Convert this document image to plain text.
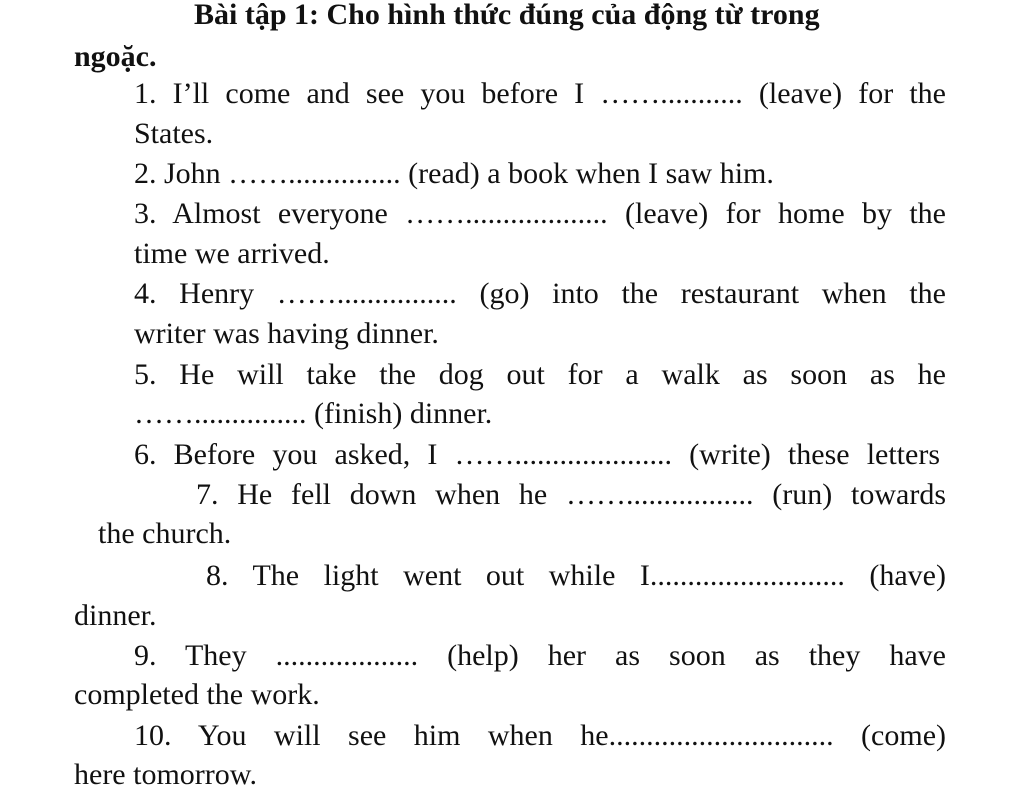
Bài tập 1: Cho hình thức đúng của động từ trong ngoặc.
1. I’ll come and see you before I ……........... (leave) for the
States.
2. John ……............... (read) a book when I saw him.
3. Almost everyone ……................... (leave) for home by the
time we arrived.
4. Henry ……................ (go) into the restaurant when the
writer was having dinner.
5. He will take the dog out for a walk as soon as he
……............... (finish) dinner.
6. Before you asked, I ……..................... (write) these letters
7. He fell down when he ……................. (run) towards
the church.
8. The light went out while I.......................... (have)
dinner.
9. They ................... (help) her as soon as they have
completed the work.
10. You will see him when he.............................. (come)
here tomorrow.
